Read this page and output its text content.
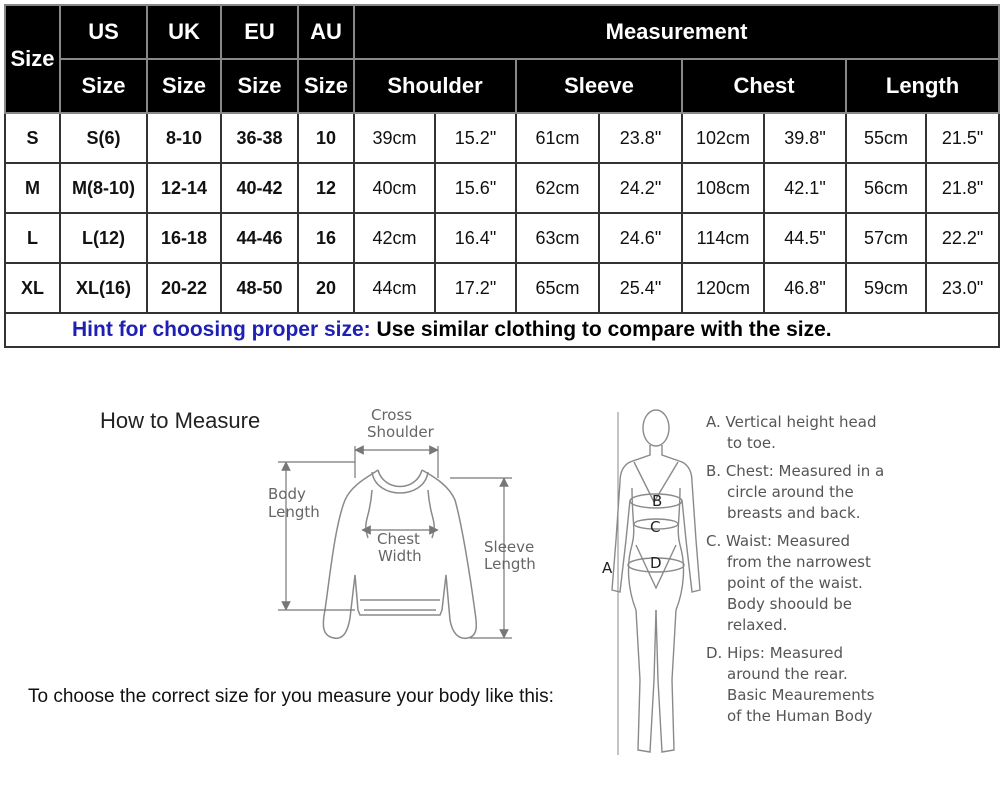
Size	US	UK	EU	AU	Measurement							
	Size	Size	Size	Size	Shoulder		Sleeve		Chest		Length	
S	S(6)	8-10	36-38	10	39cm	15.2"	61cm	23.8"	102cm	39.8"	55cm	21.5"
M	M(8-10)	12-14	40-42	12	40cm	15.6"	62cm	24.2"	108cm	42.1"	56cm	21.8"
L	L(12)	16-18	44-46	16	42cm	16.4"	63cm	24.6"	114cm	44.5"	57cm	22.2"
XL	XL(16)	20-22	48-50	20	44cm	17.2"	65cm	25.4"	120cm	46.8"	59cm	23.0"
Hint for choosing proper size: Use similar clothing to compare with the size.												
How to Measure	Cross
Shoulder
Body
Length
Chest
Width	Sleeve
Length
B
C
D
A
To choose the correct size for you measure your body like this:
A. Vertical height head
to toe.
B. Chest: Measured in a
circle around the
breasts and back.
C. Waist: Measured
from the narrowest
point of the waist.
Body shoould be
relaxed.
D. Hips: Measured
around the rear.
Basic Meaurements
of the Human Body
